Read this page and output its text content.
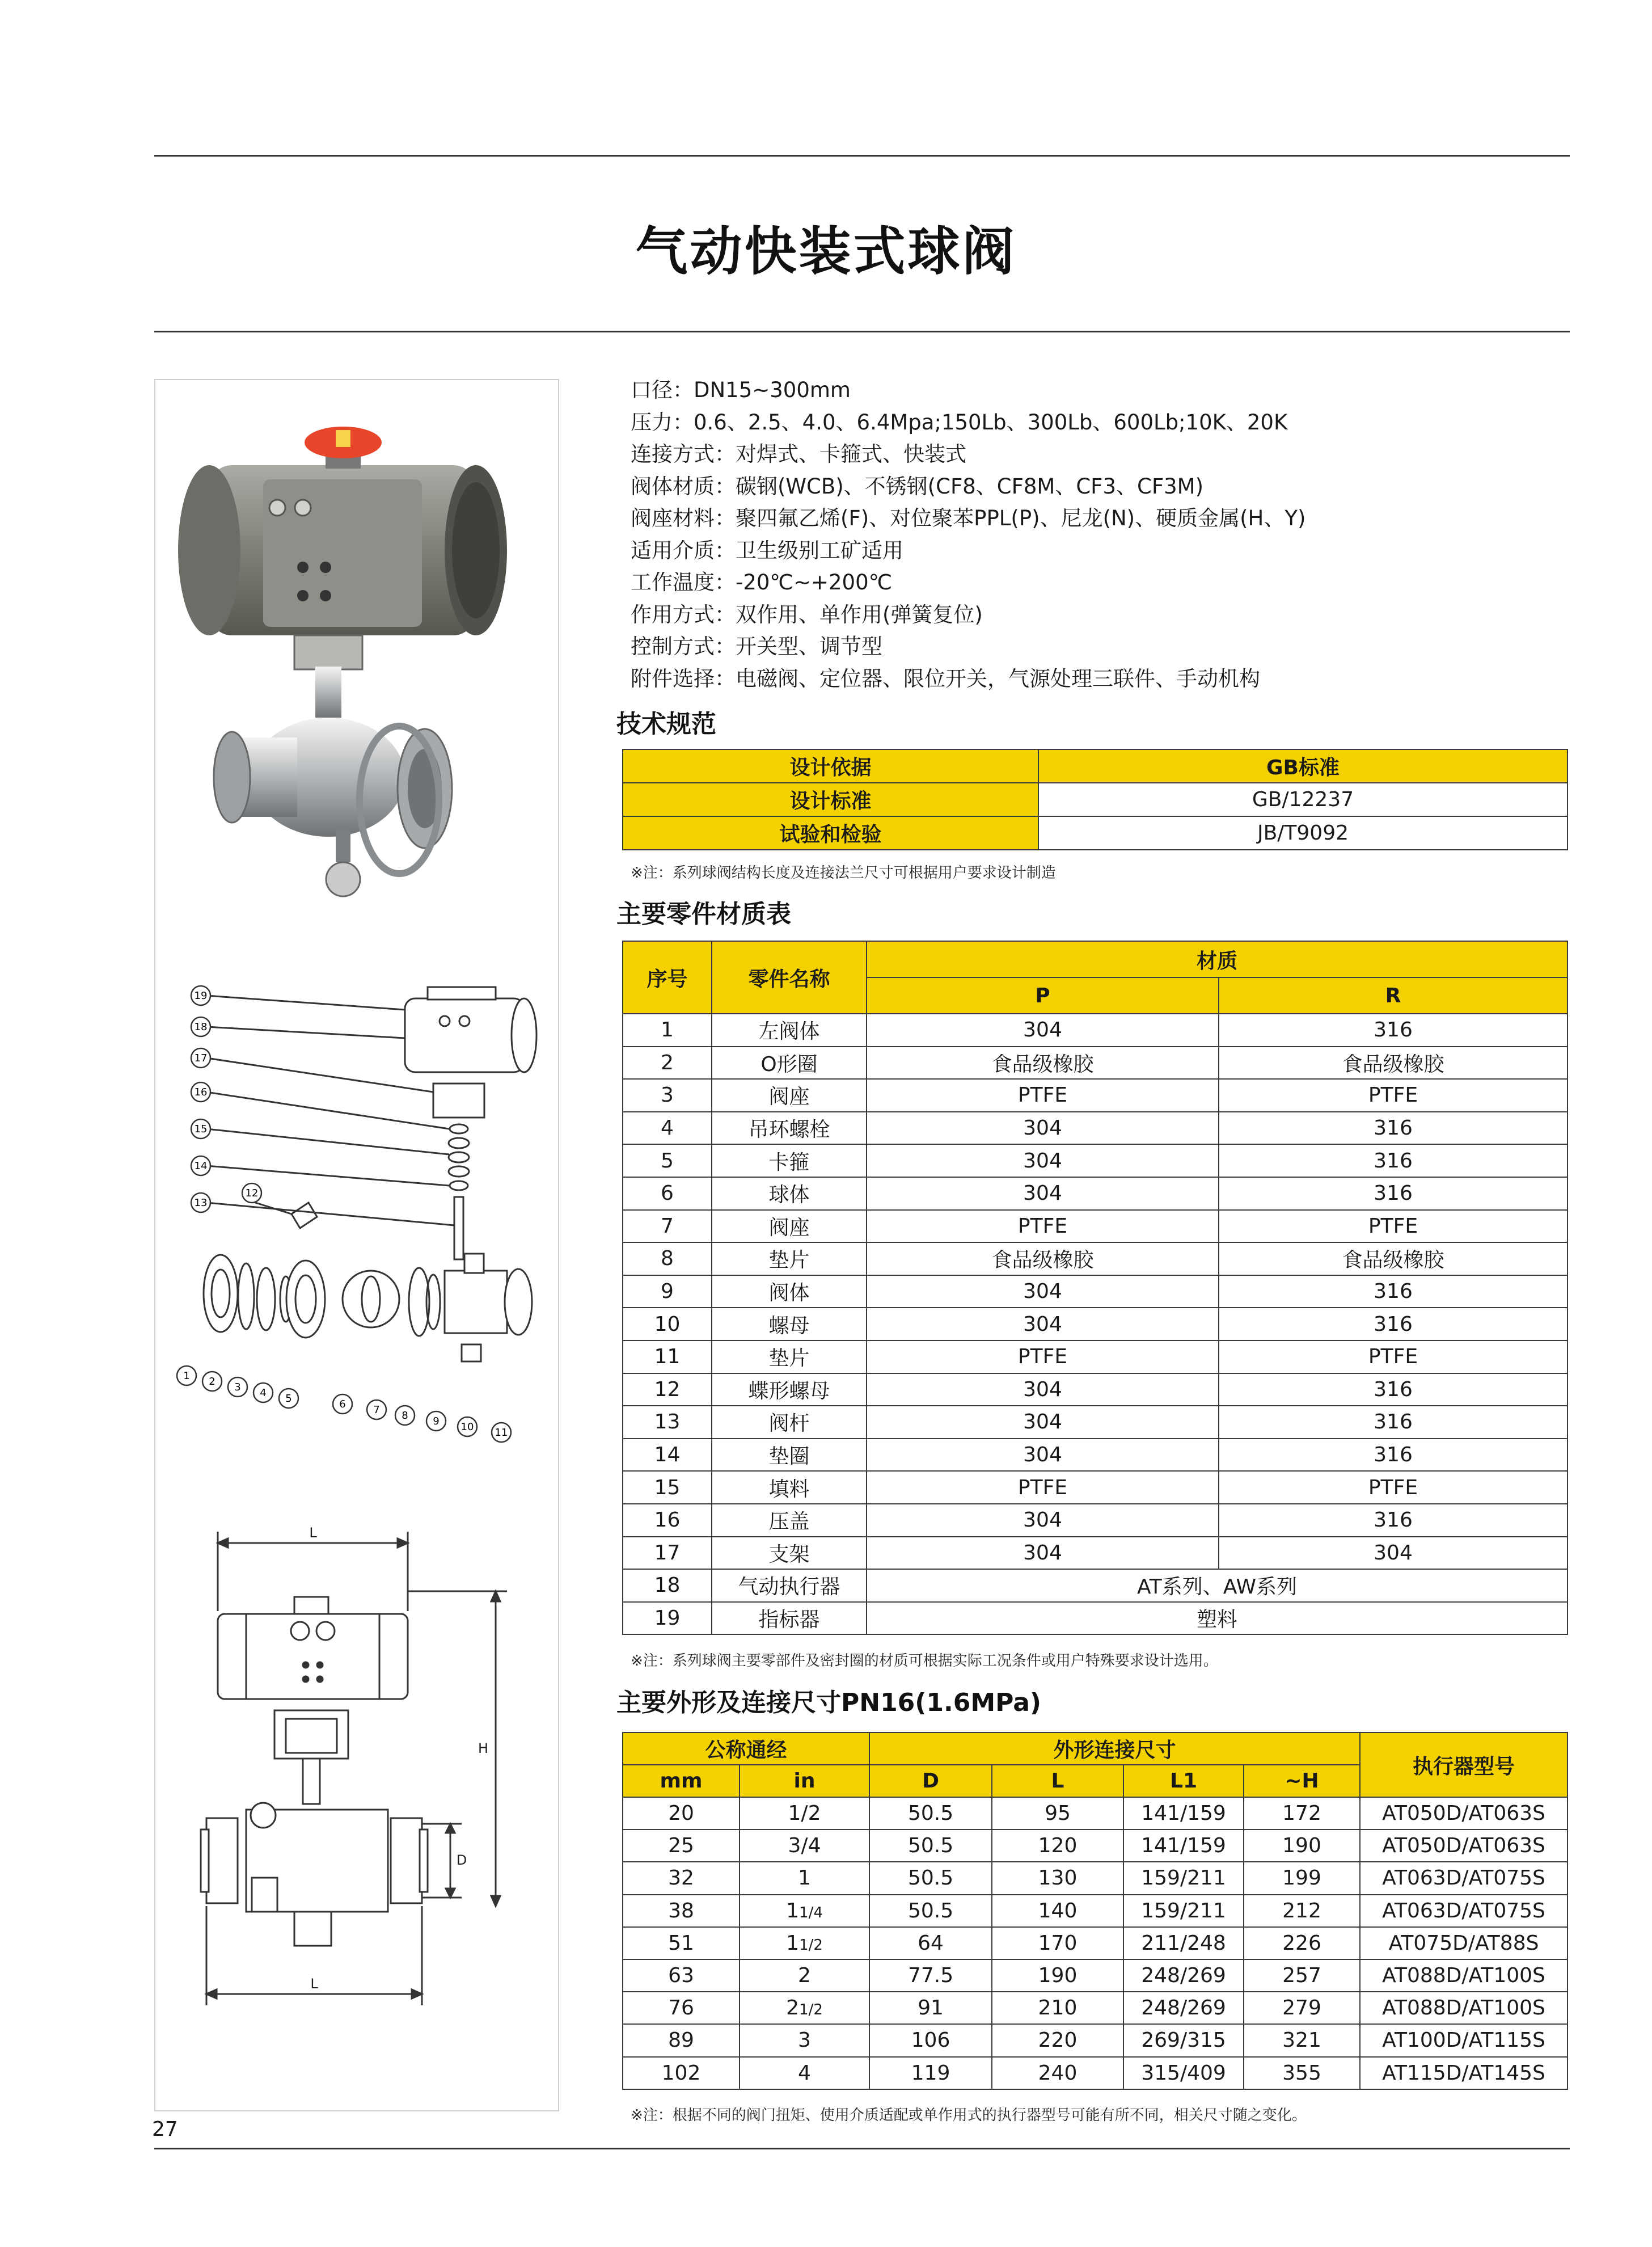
气动快装式球阀
19
18
17
16
15
14
13
12
1 2 3 4 5	6	7 8 9 10 11
L
H
D
L
口径：DN15~300mm
压力：0.6、2.5、4.0、6.4Mpa;150Lb、300Lb、600Lb;10K、20K
连接方式：对焊式、卡箍式、快装式
阀体材质：碳钢(WCB)、不锈钢(CF8、CF8M、CF3、CF3M)
阀座材料：聚四氟乙烯(F)、对位聚苯PPL(P)、尼龙(N)、硬质金属(H、Y)
适用介质：卫生级别工矿适用
工作温度：-20℃~+200℃
作用方式：双作用、单作用(弹簧复位)
控制方式：开关型、调节型
附件选择：电磁阀、定位器、限位开关，气源处理三联件、手动机构
技术规范
设计依据	GB标准
设计标准	GB/12237
试验和检验	JB/T9092
※注：系列球阀结构长度及连接法兰尺寸可根据用户要求设计制造
主要零件材质表
序号	零件名称	材质	
		P	R
1	左阀体	304	316
2	O形圈	食品级橡胶	食品级橡胶
3	阀座	PTFE	PTFE
4	吊环螺栓	304	316
5	卡箍	304	316
6	球体	304	316
7	阀座	PTFE	PTFE
8	垫片	食品级橡胶	食品级橡胶
9	阀体	304	316
10	螺母	304	316
11	垫片	PTFE	PTFE
12	蝶形螺母	304	316
13	阀杆	304	316
14	垫圈	304	316
15	填料	PTFE	PTFE
16	压盖	304	316
17	支架	304	304
18	气动执行器	AT系列、AW系列	
19	指标器	塑料	
※注：系列球阀主要零部件及密封圈的材质可根据实际工况条件或用户特殊要求设计选用。
主要外形及连接尺寸PN16(1.6MPa)
公称通经		外形连接尺寸				执行器型号
mm	in	D	L	L1	~H	
20	1/2	50.5	95	141/159	172	AT050D/AT063S
25	3/4	50.5	120	141/159	190	AT050D/AT063S
32	1	50.5	130	159/211	199	AT063D/AT075S
38	11/4	50.5	140	159/211	212	AT063D/AT075S
51	11/2	64	170	211/248	226	AT075D/AT88S
63	2	77.5	190	248/269	257	AT088D/AT100S
76	21/2	91	210	248/269	279	AT088D/AT100S
89	3	106	220	269/315	321	AT100D/AT115S
102	4	119	240	315/409	355	AT115D/AT145S
※注：根据不同的阀门扭矩、使用介质适配或单作用式的执行器型号可能有所不同，相关尺寸随之变化。
27
